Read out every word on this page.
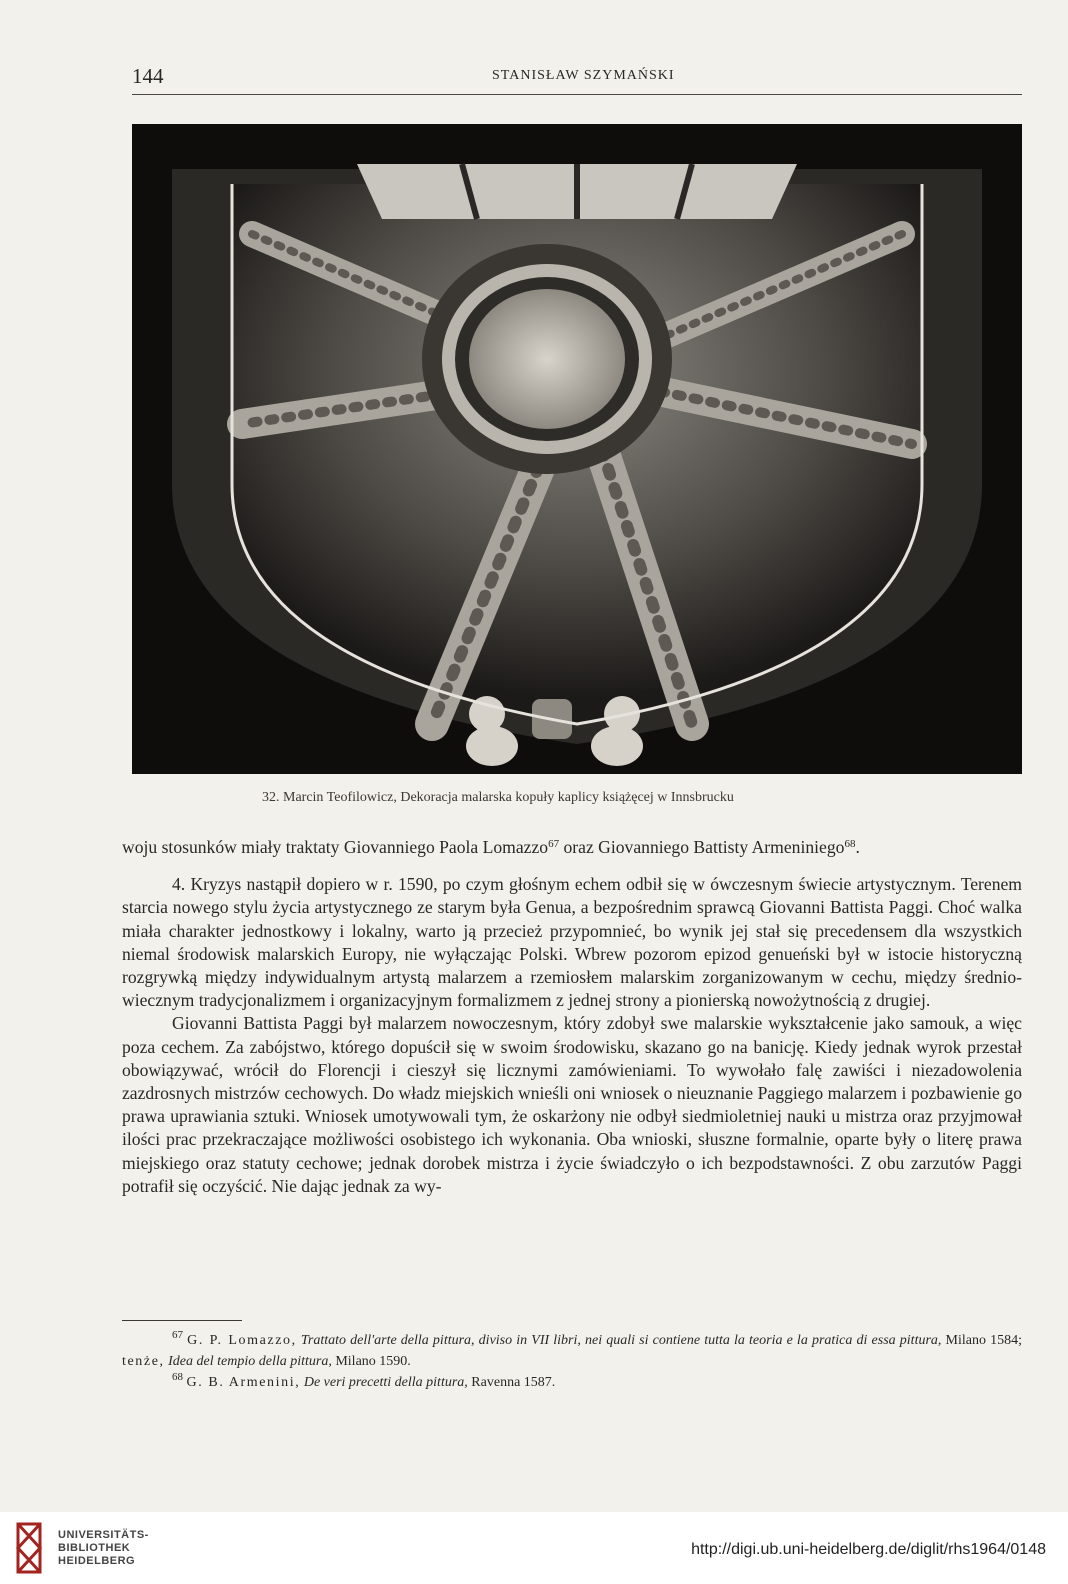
144	STANISŁAW SZYMAŃSKI
32. Marcin Teofilowicz, Dekoracja malarska kopuły kaplicy książęcej w Innsbrucku

woju stosunków miały traktaty Giovanniego Paola Lomazzo$^{67}$ oraz Giovanniego Battisty Armeniniego$^{68}$.

4. Kryzys nastąpił dopiero w r. 1590, po czym głośnym echem odbił się w ówczesnym świecie artystycznym. Terenem starcia nowego stylu życia artystycznego ze starym była Genua, a bezpośrednim sprawcą Giovanni Battista Paggi. Choć walka miała charakter jednostkowy i lokalny, warto ją przecież przypomnieć, bo wynik jej stał się precedensem dla wszystkich niemal środowisk malarskich Europy, nie wyłączając Polski. Wbrew pozorom epizod genueński był w istocie historyczną rozgrywką między indywidualnym artystą malarzem a rzemiosłem malarskim zorganizowanym w cechu, między średniowiecznym tradycjonalizmem i organizacyjnym formalizmem z jednej strony a pionierską nowożytnością z drugiej.

Giovanni Battista Paggi był malarzem nowoczesnym, który zdobył swe malarskie wykształcenie jako samouk, a więc poza cechem. Za zabójstwo, którego dopuścił się w swoim środowisku, skazano go na banicję. Kiedy jednak wyrok przestał obowiązywać, wrócił do Florencji i cieszył się licznymi zamówieniami. To wywołało falę zawiści i niezadowolenia zazdrosnych mistrzów cechowych. Do władz miejskich wnieśli oni wniosek o nieuznanie Paggiego malarzem i pozbawienie go prawa uprawiania sztuki. Wniosek umotywowali tym, że oskarżony nie odbył siedmioletniej nauki u mistrza oraz przyjmował ilości prac przekraczające możliwości osobistego ich wykonania. Oba wnioski, słuszne formalnie, oparte były o literę prawa miejskiego oraz statuty cechowe; jednak dorobek mistrza i życie świadczyło o ich bezpodstawności. Z obu zarzutów Paggi potrafił się oczyścić. Nie dając jednak za wy-

$^{67}$ G. P. Lomazzo, Trattato dell'arte della pittura, diviso in VII libri, nei quali si contiene tutta la teoria e la pratica di essa pittura, Milano 1584; tenże, Idea del tempio della pittura, Milano 1590.

$^{68}$ G. B. Armenini, De veri precetti della pittura, Ravenna 1587.

UNIVERSITÄTS-
BIBLIOTHEK
HEIDELBERG
http://digi.ub.uni-heidelberg.de/diglit/rhs1964/0148
